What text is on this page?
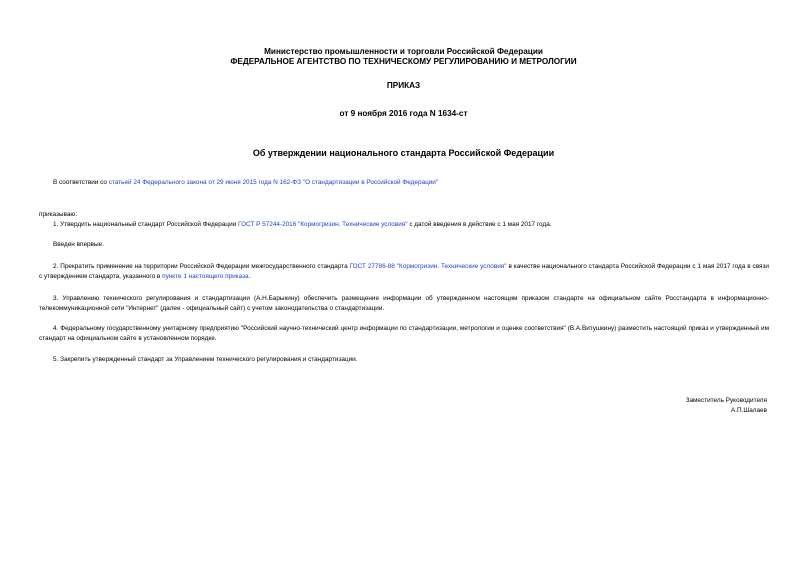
Министерство промышленности и торговли Российской Федерации
ФЕДЕРАЛЬНОЕ АГЕНТСТВО ПО ТЕХНИЧЕСКОМУ РЕГУЛИРОВАНИЮ И МЕТРОЛОГИИ
ПРИКАЗ
от 9 ноября 2016 года N 1634-ст
Об утверждении национального стандарта Российской Федерации
В соответствии со статьей 24 Федерального закона от 29 июня 2015 года N 162-ФЗ "О стандартизации в Российской Федерации"
приказываю:
1. Утвердить национальный стандарт Российской Федерации ГОСТ Р 57244-2016 "Кормогризин. Технические условия" с датой введения в действие с 1 мая 2017 года.
Введен впервые.
2. Прекратить применение на территории Российской Федерации межгосударственного стандарта ГОСТ 27786-88 "Кормогризин. Технические условия" в качестве национального стандарта Российской Федерации с 1 мая 2017 года в связи с утверждением стандарта, указанного в пункте 1 настоящего приказа.
3. Управлению технического регулирования и стандартизации (А.Н.Барыкину) обеспечить размещение информации об утвержденном настоящим приказом стандарте на официальном сайте Росстандарта в информационно-телекоммуникационной сети "Интернет" (далее - официальный сайт) с учетом законодательства о стандартизации.
4. Федеральному государственному унитарному предприятию "Российский научно-технический центр информации по стандартизации, метрологии и оценке соответствия" (В.А.Витушкину) разместить настоящий приказ и утвержденный им стандарт на официальном сайте в установленном порядке.
5. Закрепить утвержденный стандарт за Управлением технического регулирования и стандартизации.
Заместитель Руководителя
А.П.Шалаев
